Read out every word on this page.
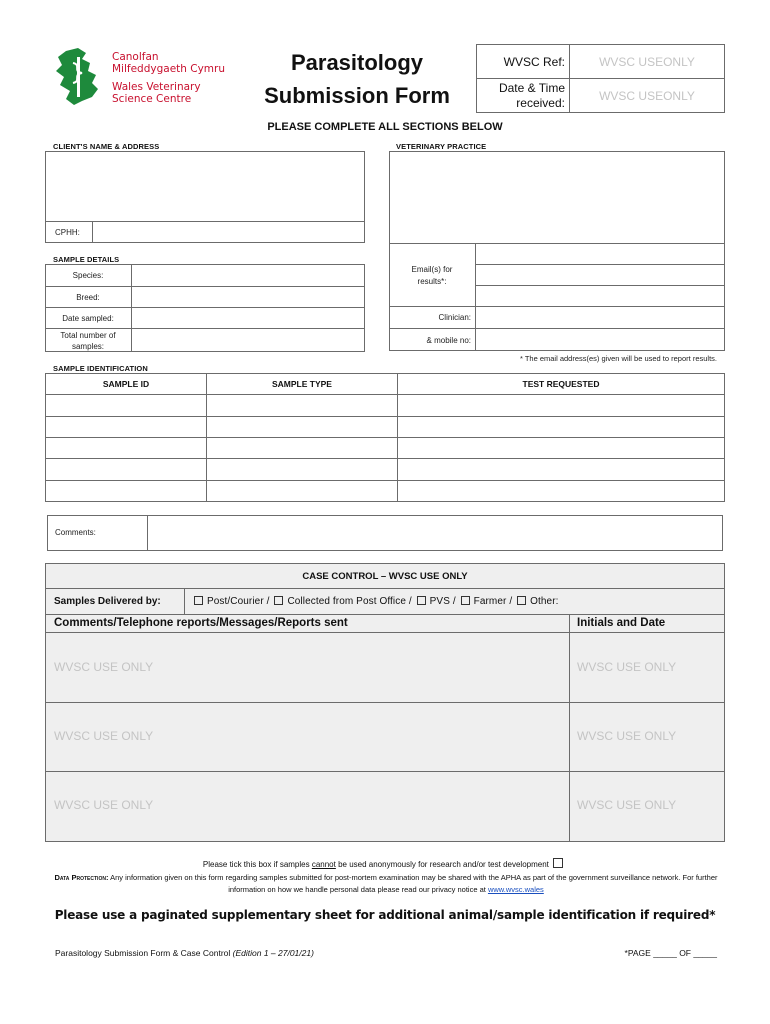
Canolfan
Milfeddygaeth Cymru
Wales Veterinary
Science Centre
Parasitology
Submission Form
WVSC Ref:	WVSC USEONLY
Date & Time
received:
WVSC USEONLY
PLEASE COMPLETE ALL SECTIONS BELOW
CLIENT'S NAME & ADDRESS
CPHH:
VETERINARY PRACTICE
Email(s) for
results*:
Clinician:
& mobile no:
* The email address(es) given will be used to report results.
SAMPLE DETAILS
Species:
Breed:
Date sampled:
Total number of
samples:
SAMPLE IDENTIFICATION
SAMPLE ID	SAMPLE TYPE	TEST REQUESTED
Comments:
CASE CONTROL – WVSC USE ONLY
Samples Delivered by:	Post/Courier / Collected from Post Office / PVS / Farmer / Other:
Comments/Telephone reports/Messages/Reports sent	Initials and Date
WVSC USE ONLY	WVSC USE ONLY
WVSC USE ONLY	WVSC USE ONLY
WVSC USE ONLY	WVSC USE ONLY
Please tick this box if samples cannot be used anonymously for research and/or test development
Data Protection: Any information given on this form regarding samples submitted for post-mortem examination may be shared with the APHA as part of the government surveillance network. For further information on how we handle personal data please read our privacy notice at www.wvsc.wales
Please use a paginated supplementary sheet for additional animal/sample identification if required*
Parasitology Submission Form & Case Control (Edition 1 – 27/01/21)	*PAGE _____ OF _____
